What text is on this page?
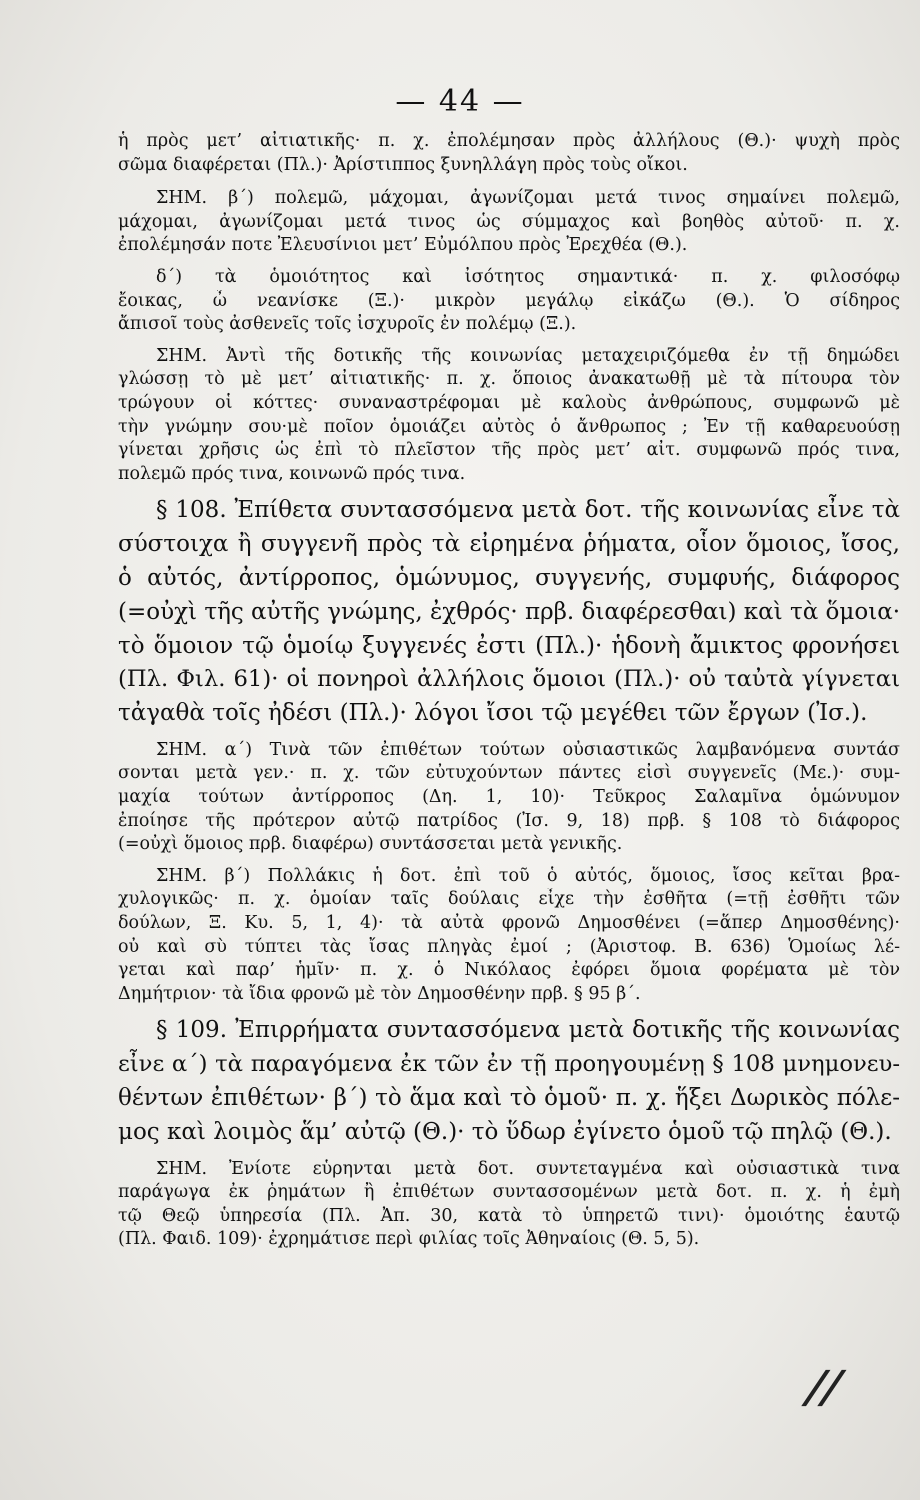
— 44 —
ἡ πρὸς μετ’ αἰτιατικῆς· π. χ. ἐπολέμησαν πρὸς ἀλλήλους (Θ.)· ψυχὴ πρὸς
σῶμα διαφέρεται (Πλ.)· Ἀρίστιππος ξυνηλλάγη πρὸς τοὺς οἴκοι.
ΣΗΜ. β΄) πολεμῶ, μάχομαι, ἀγωνίζομαι μετά τινος σημαίνει πολεμῶ,
μάχομαι, ἀγωνίζομαι μετά τινος ὡς σύμμαχος καὶ βοηθὸς αὐτοῦ· π. χ.
ἐπολέμησάν ποτε Ἐλευσίνιοι μετ’ Εὐμόλπου πρὸς Ἐρεχθέα (Θ.).
δ΄) τὰ ὁμοιότητος καὶ ἰσότητος σημαντικά· π. χ. φιλοσόφῳ
ἔοικας, ὦ νεανίσκε (Ξ.)· μικρὸν μεγάλῳ εἰκάζω (Θ.). Ὁ σίδηρος
ἄπισοῖ τοὺς ἀσθενεῖς τοῖς ἰσχυροῖς ἐν πολέμῳ (Ξ.).
ΣΗΜ. Ἀντὶ τῆς δοτικῆς τῆς κοινωνίας μεταχειριζόμεθα ἐν τῇ δημώδει
γλώσσῃ τὸ μὲ μετ’ αἰτιατικῆς· π. χ. ὅποιος ἀνακατωθῇ μὲ τὰ πίτουρα τὸν
τρώγουν οἱ κόττες· συναναστρέφομαι μὲ καλοὺς ἀνθρώπους, συμφωνῶ μὲ
τὴν γνώμην σου·μὲ ποῖον ὁμοιάζει αὐτὸς ὁ ἄνθρωπος ; Ἐν τῇ καθαρευούσῃ
γίνεται χρῆσις ὡς ἐπὶ τὸ πλεῖστον τῆς πρὸς μετ’ αἰτ. συμφωνῶ πρός τινα,
πολεμῶ πρός τινα, κοινωνῶ πρός τινα.
§ 108. Ἐπίθετα συντασσόμενα μετὰ δοτ. τῆς κοινωνίας εἶνε τὰ
σύστοιχα ἢ συγγενῆ πρὸς τὰ εἰρημένα ῥήματα, οἷον ὅμοιος, ἴσος,
ὁ αὐτός, ἀντίρροπος, ὁμώνυμος, συγγενής, συμφυής, διάφορος
(=οὐχὶ τῆς αὐτῆς γνώμης, ἐχθρός· πρβ. διαφέρεσθαι) καὶ τὰ ὅμοια·
τὸ ὅμοιον τῷ ὁμοίῳ ξυγγενές ἐστι (Πλ.)· ἡδονὴ ἄμικτος φρονήσει
(Πλ. Φιλ. 61)· οἱ πονηροὶ ἀλλήλοις ὅμοιοι (Πλ.)· οὐ ταὐτὰ γίγνεται
τἀγαθὰ τοῖς ἠδέσι (Πλ.)· λόγοι ἴσοι τῷ μεγέθει τῶν ἔργων (Ἰσ.).
ΣΗΜ. α΄) Τινὰ τῶν ἐπιθέτων τούτων οὐσιαστικῶς λαμβανόμενα συντάσ
σονται μετὰ γεν.· π. χ. τῶν εὐτυχούντων πάντες εἰσὶ συγγενεῖς (Με.)· συμ-
μαχία τούτων ἀντίρροπος (Δη. 1, 10)· Τεῦκρος Σαλαμῖνα ὁμώνυμον
ἐποίησε τῆς πρότερον αὐτῷ πατρίδος (Ἰσ. 9, 18) πρβ. § 108 τὸ διάφορος
(=οὐχὶ ὅμοιος πρβ. διαφέρω) συντάσσεται μετὰ γενικῆς.
ΣΗΜ. β΄) Πολλάκις ἡ δοτ. ἐπὶ τοῦ ὁ αὐτός, ὅμοιος, ἴσος κεῖται βρα-
χυλογικῶς· π. χ. ὁμοίαν ταῖς δούλαις εἶχε τὴν ἐσθῆτα (=τῇ ἐσθῆτι τῶν
δούλων, Ξ. Κυ. 5, 1, 4)· τὰ αὐτὰ φρονῶ Δημοσθένει (=ἅπερ Δημοσθένης)·
οὐ καὶ σὺ τύπτει τὰς ἴσας πληγὰς ἐμοί ; (Ἀριστοφ. Β. 636) Ὁμοίως λέ-
γεται καὶ παρ’ ἡμῖν· π. χ. ὁ Νικόλαος ἐφόρει ὅμοια φορέματα μὲ τὸν
Δημήτριον· τὰ ἴδια φρονῶ μὲ τὸν Δημοσθένην πρβ. § 95 β΄.
§ 109. Ἐπιρρήματα συντασσόμενα μετὰ δοτικῆς τῆς κοινωνίας
εἶνε α΄) τὰ παραγόμενα ἐκ τῶν ἐν τῇ προηγουμένῃ § 108 μνημονευ-
θέντων ἐπιθέτων· β΄) τὸ ἅμα καὶ τὸ ὁμοῦ· π. χ. ἥξει Δωρικὸς πόλε-
μος καὶ λοιμὸς ἅμ’ αὐτῷ (Θ.)· τὸ ὕδωρ ἐγίνετο ὁμοῦ τῷ πηλῷ (Θ.).
ΣΗΜ. Ἐνίοτε εὑρηνται μετὰ δοτ. συντεταγμένα καὶ οὐσιαστικὰ τινα
παράγωγα ἐκ ῥημάτων ἢ ἐπιθέτων συντασσομένων μετὰ δοτ. π. χ. ἡ ἐμὴ
τῷ Θεῷ ὑπηρεσία (Πλ. Ἀπ. 30, κατὰ τὸ ὑπηρετῶ τινι)· ὁμοιότης ἑαυτῷ
(Πλ. Φαιδ. 109)· ἐχρημάτισε περὶ φιλίας τοῖς Ἀθηναίοις (Θ. 5, 5).
//
